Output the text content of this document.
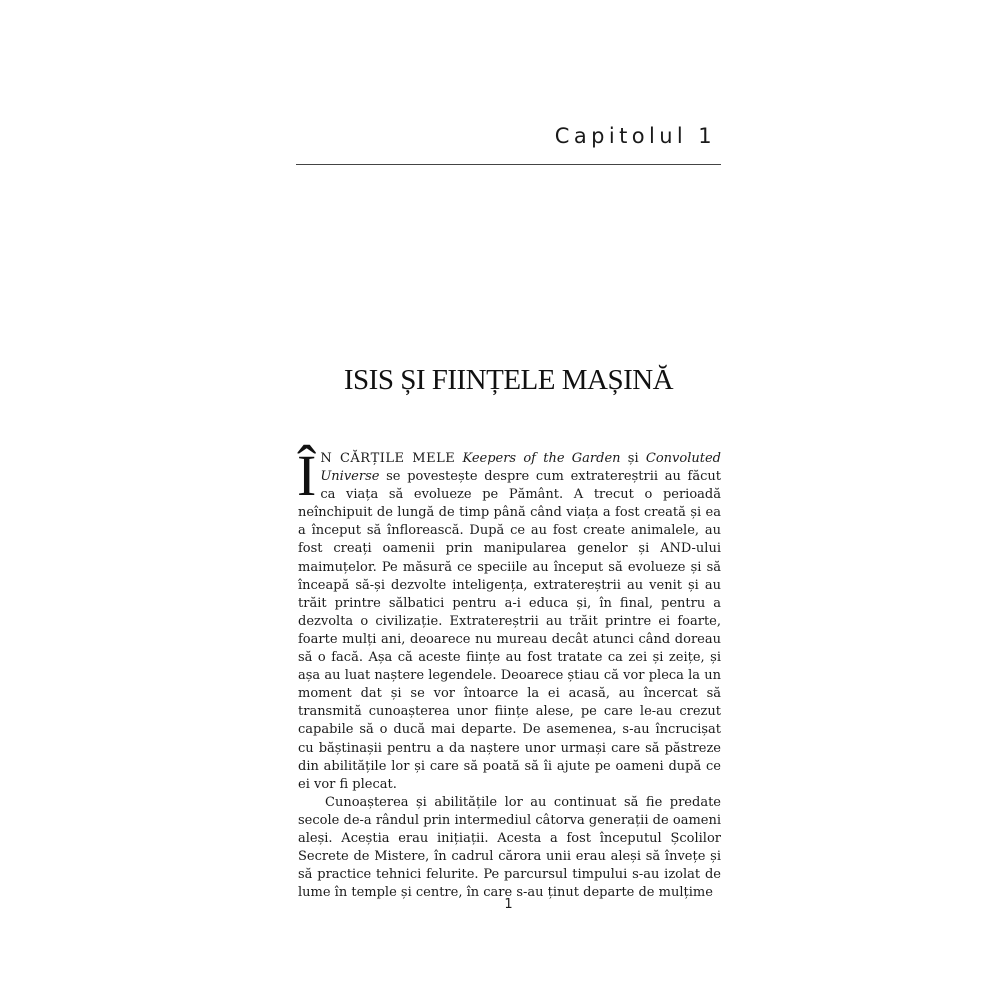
Capitolul 1
ISIS ȘI FIINȚELE MAȘINĂ

Î N CĂRȚILE MELE Keepers of the Garden și Convoluted Universe se povestește despre cum extratereștrii au făcut ca viața să evolueze pe Pământ. A trecut o perioadă neînchipuit de lungă de timp până când viața a fost creată și ea a început să înflorească. După ce au fost create animalele, au fost creați oamenii prin manipularea genelor și AND-ului maimuțelor. Pe măsură ce speciile au început să evolueze și să înceapă să-și dezvolte inteligența, extratereștrii au venit și au trăit printre sălbatici pentru a-i educa și, în final, pentru a dezvolta o civilizație. Extratereștrii au trăit printre ei foarte, foarte mulți ani, deoarece nu mureau decât atunci când doreau să o facă. Așa că aceste ființe au fost tratate ca zei și zeițe, și așa au luat naștere legendele. Deoarece știau că vor pleca la un moment dat și se vor întoarce la ei acasă, au încercat să transmită cunoașterea unor ființe alese, pe care le-au crezut capabile să o ducă mai departe. De asemenea, s-au încrucișat cu băștinașii pentru a da naștere unor urmași care să păstreze din abilitățile lor și care să poată să îi ajute pe oameni după ce ei vor fi plecat.

Cunoașterea și abilitățile lor au continuat să fie predate secole de-a rândul prin intermediul câtorva generații de oameni aleși. Aceștia erau inițiații. Acesta a fost începutul Școlilor Secrete de Mistere, în cadrul cărora unii erau aleși să învețe și să practice tehnici felurite. Pe parcursul timpului s-au izolat de lume în temple și centre, în care s-au ținut departe de mulțime

1
